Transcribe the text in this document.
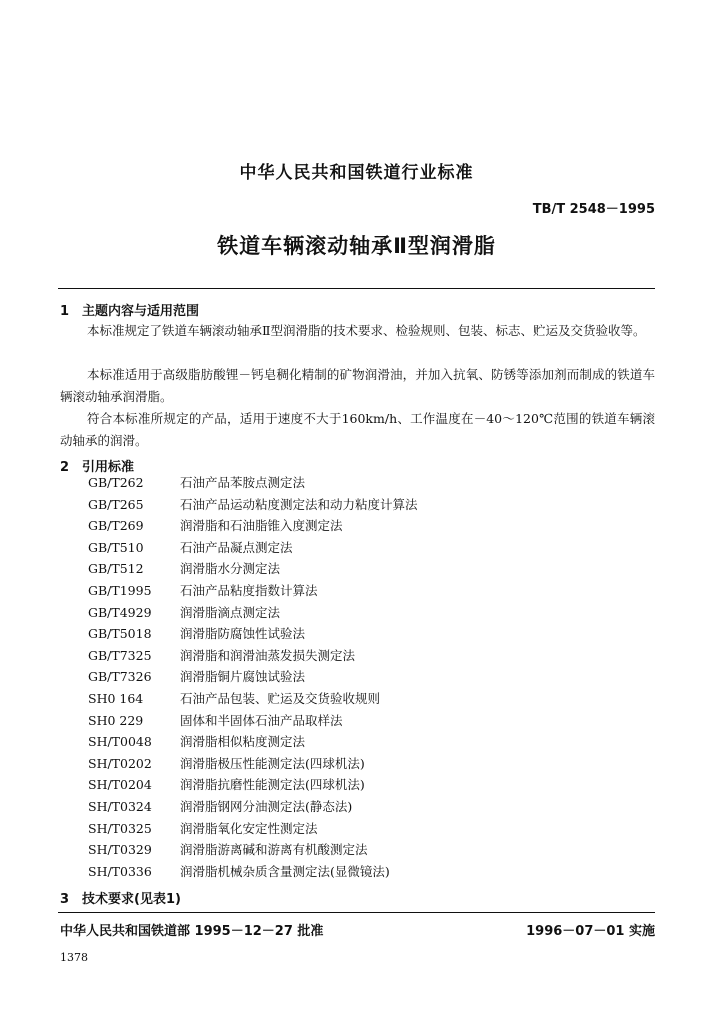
中华人民共和国铁道行业标准
TB/T 2548－1995
铁道车辆滚动轴承Ⅱ型润滑脂
1 主题内容与适用范围
本标准规定了铁道车辆滚动轴承Ⅱ型润滑脂的技术要求、检验规则、包装、标志、贮运及交货验收等。
本标准适用于高级脂肪酸锂－钙皂稠化精制的矿物润滑油，并加入抗氧、防锈等添加剂而制成的铁道车辆滚动轴承润滑脂。
符合本标准所规定的产品，适用于速度不大于160km/h、工作温度在－40～120℃范围的铁道车辆滚动轴承的润滑。
2 引用标准
GB/T262	石油产品苯胺点测定法
GB/T265	石油产品运动粘度测定法和动力粘度计算法
GB/T269	润滑脂和石油脂锥入度测定法
GB/T510	石油产品凝点测定法
GB/T512	润滑脂水分测定法
GB/T1995	石油产品粘度指数计算法
GB/T4929	润滑脂滴点测定法
GB/T5018	润滑脂防腐蚀性试验法
GB/T7325	润滑脂和润滑油蒸发损失测定法
GB/T7326	润滑脂铜片腐蚀试验法
SH0 164	石油产品包装、贮运及交货验收规则
SH0 229	固体和半固体石油产品取样法
SH/T0048	润滑脂相似粘度测定法
SH/T0202	润滑脂极压性能测定法(四球机法)
SH/T0204	润滑脂抗磨性能测定法(四球机法)
SH/T0324	润滑脂钢网分油测定法(静态法)
SH/T0325	润滑脂氧化安定性测定法
SH/T0329	润滑脂游离碱和游离有机酸测定法
SH/T0336	润滑脂机械杂质含量测定法(显微镜法)
3 技术要求(见表1)
中华人民共和国铁道部 1995－12－27 批准	1996－07－01 实施
1378
